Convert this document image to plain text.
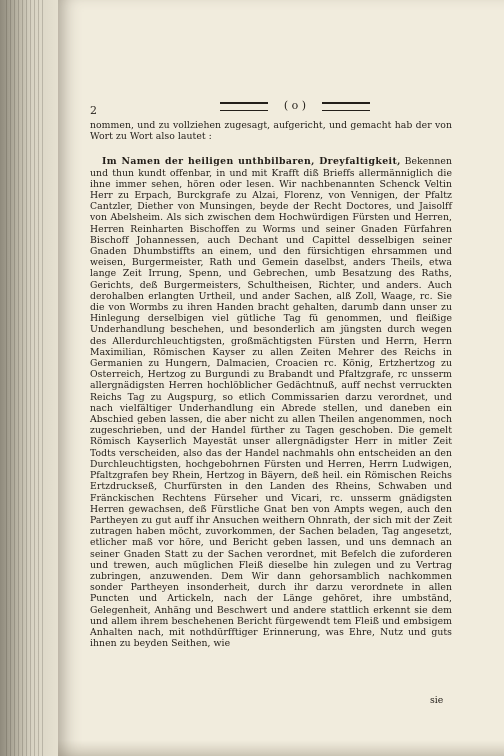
2	( o )

nommen, und zu vollziehen zugesagt, aufgericht, und gemacht hab der von Wort zu Wort also lautet :

Im Namen der heiligen unthbilbaren, Dreyfaltigkeit, Bekennen und thun kundt offenbar, in und mit Krafft diß Brieffs allermänniglich die ihne immer sehen, hören oder lesen. Wir nachbenannten Schenck Veltin Herr zu Erpach, Burckgrafe zu Alzai, Florenz, von Vennigen, der Pfaltz Cantzler, Diether von Munsingen, beyde der Recht Doctores, und Jaisolff von Abelsheim. Als sich zwischen dem Hochwürdigen Fürsten und Herren, Herren Reinharten Bischoffen zu Worms und seiner Gnaden Fürfahren Bischoff Johannessen, auch Dechant und Capittel desselbigen seiner Gnaden Dhumbstiffts an einem, und den fürsichtigen ehrsammen und weisen, Burgermeister, Rath und Gemein daselbst, anders Theils, etwa lange Zeit Irrung, Spenn, und Gebrechen, umb Besatzung des Raths, Gerichts, deß Burgermeisters, Schultheisen, Richter, und anders. Auch derohalben erlangten Urtheil, und ander Sachen, alß Zoll, Waage, rc. Sie die von Wormbs zu ihren Handen bracht gehalten, darumb dann unser zu Hinlegung derselbigen viel gütliche Tag fü genommen, und fleißige Underhandlung beschehen, und besonderlich am jüngsten durch wegen des Allerdurchleuchtigsten, großmächtigsten Fürsten und Herrn, Herrn Maximilian, Römischen Kayser zu allen Zeiten Mehrer des Reichs in Germanien zu Hungern, Dalmacien, Croacien rc. König, Ertzhertzog zu Osterreich, Hertzog zu Burgundi zu Brabandt und Pfaltzgrafe, rc unsserm allergnädigsten Herren hochlöblicher Gedächtnuß, auff nechst verruckten Reichs Tag zu Augspurg, so etlich Commissarien darzu verordnet, und nach vielfältiger Underhandlung ein Abrede stellen, und daneben ein Abschied geben lassen, die aber nicht zu allen Theilen angenommen, noch zugeschrieben, und der Handel fürther zu Tagen geschoben. Die gemelt Römisch Kayserlich Mayestät unser allergnädigster Herr in mitler Zeit Todts verscheiden, also das der Handel nachmahls ohn entscheiden an den Durchleuchtigsten, hochgebohrnen Fürsten und Herren, Herrn Ludwigen, Pfaltzgrafen bey Rhein, Hertzog in Bäyern, deß heil. ein Römischen Reichs Ertzdruckseß, Churfürsten in den Landen des Rheins, Schwaben und Fränckischen Rechtens Fürseher und Vicari, rc. unsserm gnädigsten Herren gewachsen, deß Fürstliche Gnat ben von Ampts wegen, auch den Partheyen zu gut auff ihr Ansuchen weithern Ohnrath, der sich mit der Zeit zutragen haben möcht, zuvorkommen, der Sachen beladen, Tag angesetzt, etlicher maß vor höre, und Bericht geben lassen, und uns demnach an seiner Gnaden Statt zu der Sachen verordnet, mit Befelch die zuforderen und trewen, auch müglichen Fleiß dieselbe hin zulegen und zu Vertrag zubringen, anzuwenden. Dem Wir dann gehorsamblich nachkommen sonder Partheyen insonderheit, durch ihr darzu verordnete in allen Puncten und Artickeln, nach der Länge gehöret, ihre umbständ, Gelegenheit, Anhäng und Beschwert und andere stattlich erkennt sie dem und allem ihrem beschehenen Bericht fürgewendt tem Fleiß und embsigem Anhalten nach, mit nothdürfftiger Erinnerung, was Ehre, Nutz und guts ihnen zu beyden Seithen, wie

sie
